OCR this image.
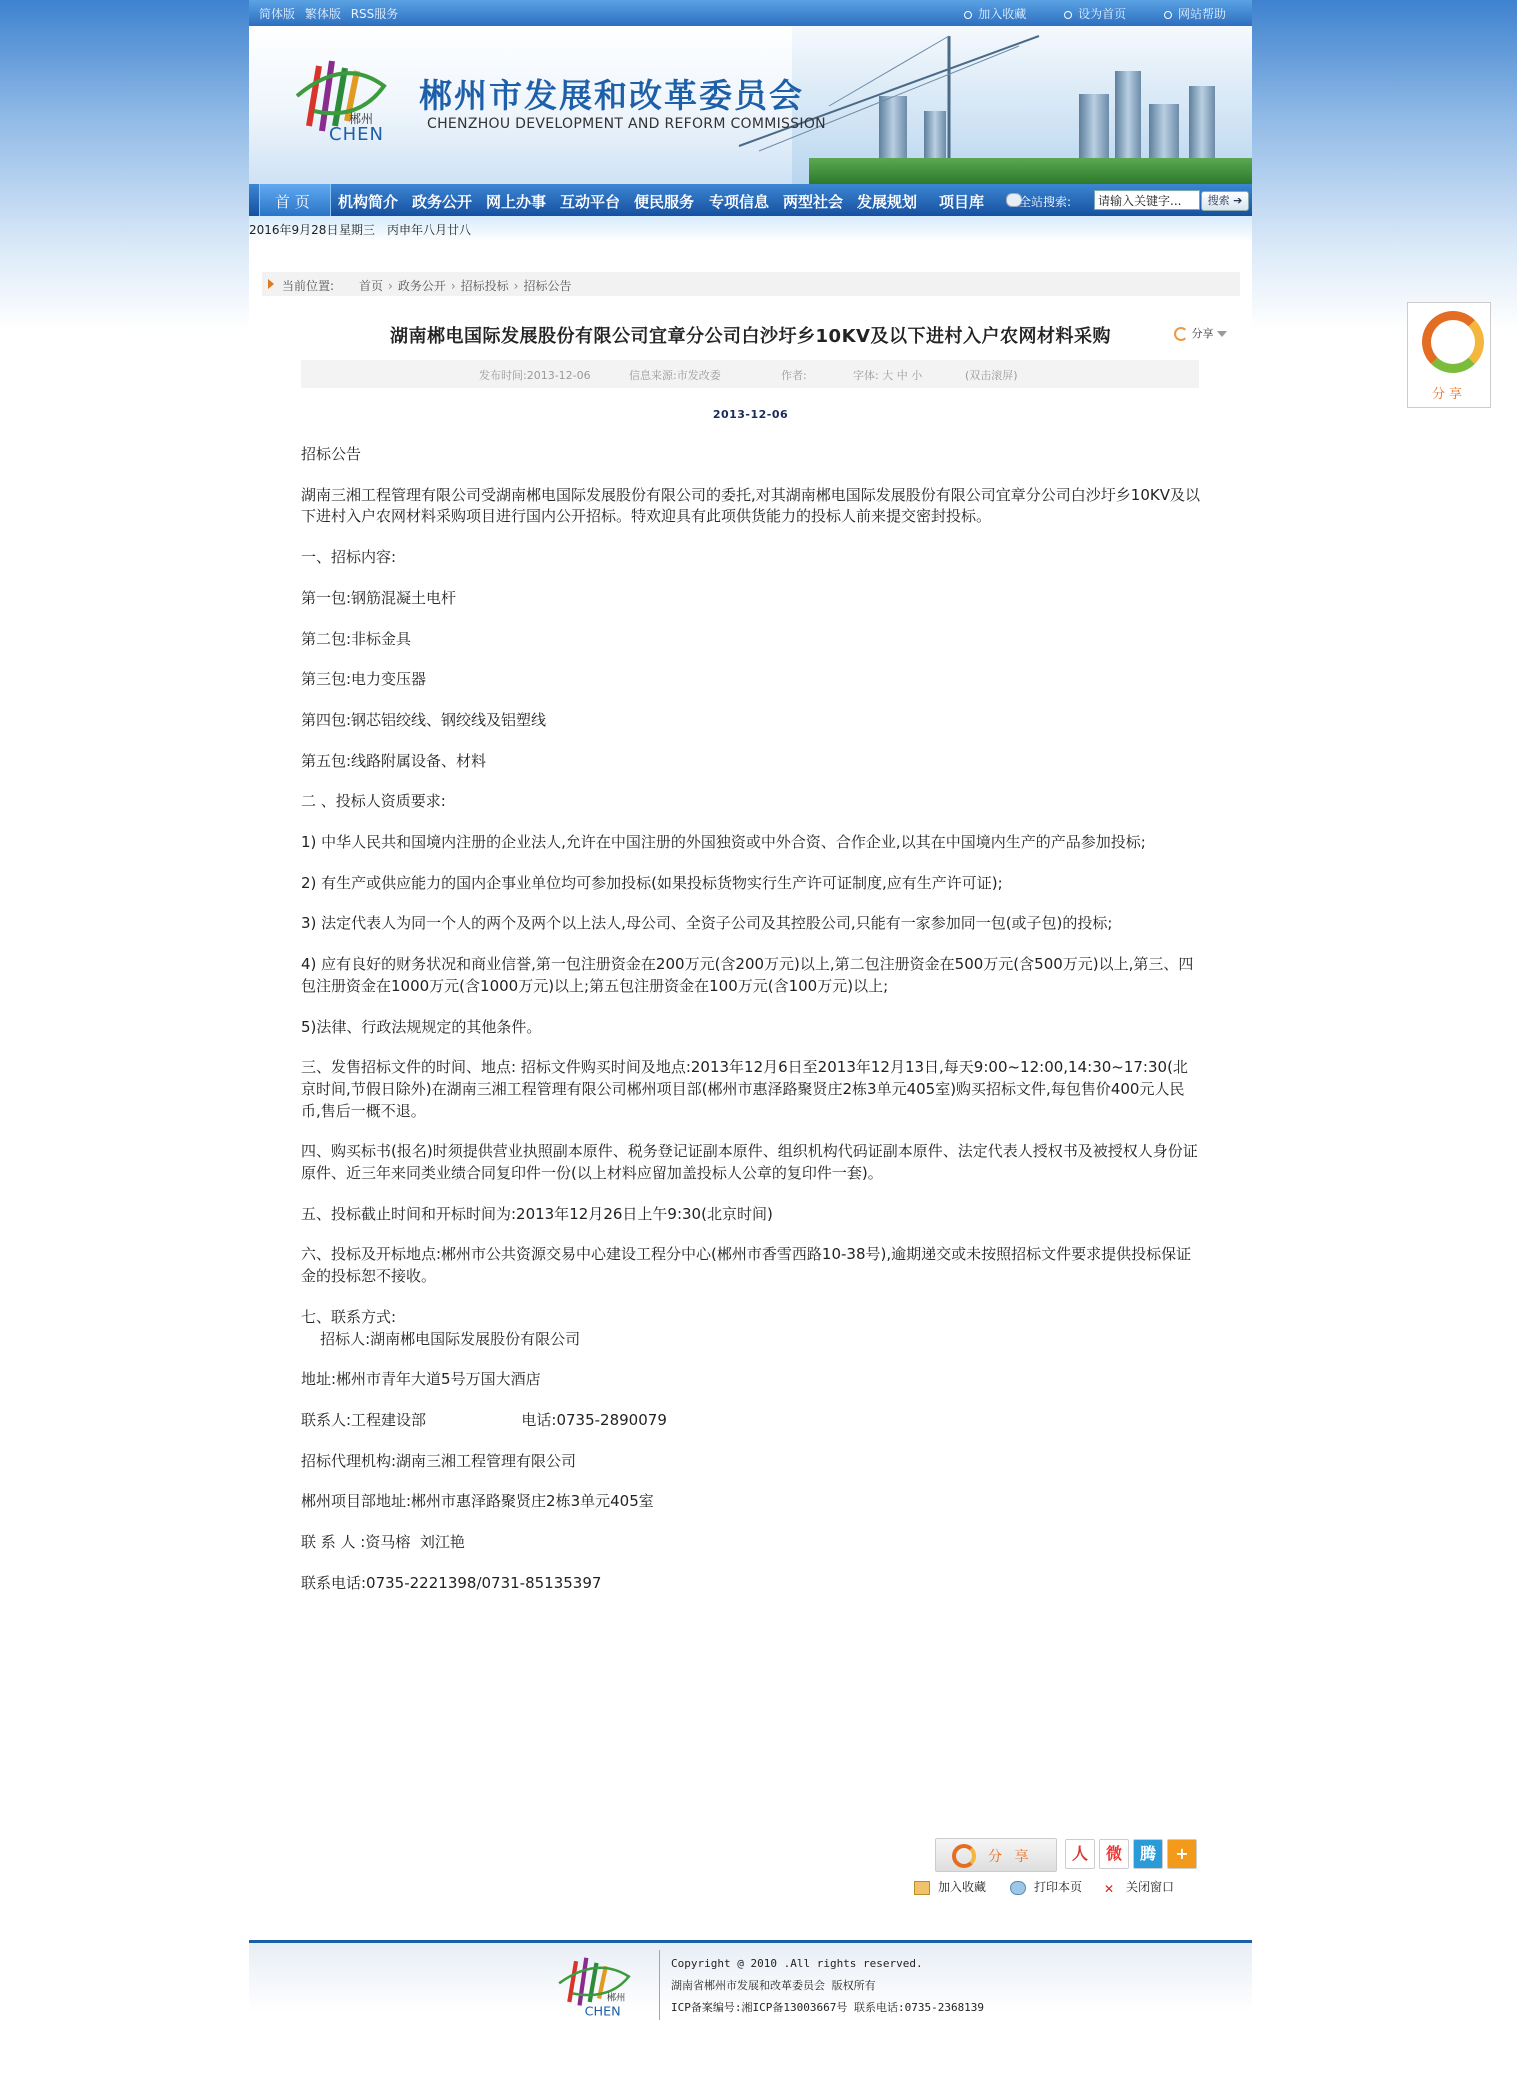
简体版 繁体版 RSS服务	加入收藏	设为首页	网站帮助
郴州
CHEN
郴州市发展和改革委员会
CHENZHOU DEVELOPMENT AND REFORM COMMISSION
首 页 机构简介 政务公开 网上办事 互动平台 便民服务 专项信息 两型社会 发展规划 项目库	全站搜索:
请输入关键字...	搜索 ➔
2016年9月28日 星期三 丙申年八月廿八
当前位置: 首页 › 政务公开 › 招标投标 › 招标公告
湖南郴电国际发展股份有限公司宜章分公司白沙圩乡10KV及以下进村入户农网材料采购	分享
发布时间:2013-12-06	信息来源:市发改委	作者:	字体: 大 中 小	(双击滚屏)
2013-12-06

招标公告

湖南三湘工程管理有限公司受湖南郴电国际发展股份有限公司的委托,对其湖南郴电国际发展股份有限公司宜章分公司白沙圩乡10KV及以下进村入户农网材料采购项目进行国内公开招标。特欢迎具有此项供货能力的投标人前来提交密封投标。

一、招标内容:

第一包:钢筋混凝土电杆

第二包:非标金具

第三包:电力变压器

第四包:钢芯铝绞线、钢绞线及铝塑线

第五包:线路附属设备、材料

二 、投标人资质要求:

1) 中华人民共和国境内注册的企业法人,允许在中国注册的外国独资或中外合资、合作企业,以其在中国境内生产的产品参加投标;

2) 有生产或供应能力的国内企事业单位均可参加投标(如果投标货物实行生产许可证制度,应有生产许可证);

3) 法定代表人为同一个人的两个及两个以上法人,母公司、全资子公司及其控股公司,只能有一家参加同一包(或子包)的投标;

4) 应有良好的财务状况和商业信誉,第一包注册资金在200万元(含200万元)以上,第二包注册资金在500万元(含500万元)以上,第三、四包注册资金在1000万元(含1000万元)以上;第五包注册资金在100万元(含100万元)以上;

5)法律、行政法规规定的其他条件。

三、发售招标文件的时间、地点: 招标文件购买时间及地点:2013年12月6日至2013年12月13日,每天9:00~12:00,14:30~17:30(北京时间,节假日除外)在湖南三湘工程管理有限公司郴州项目部(郴州市惠泽路聚贤庄2栋3单元405室)购买招标文件,每包售价400元人民币,售后一概不退。

四、购买标书(报名)时须提供营业执照副本原件、税务登记证副本原件、组织机构代码证副本原件、法定代表人授权书及被授权人身份证原件、近三年来同类业绩合同复印件一份(以上材料应留加盖投标人公章的复印件一套)。

五、投标截止时间和开标时间为:2013年12月26日上午9:30(北京时间)

六、投标及开标地点:郴州市公共资源交易中心建设工程分中心(郴州市香雪西路10-38号),逾期递交或未按照招标文件要求提供投标保证金的投标恕不接收。

七、联系方式:

招标人:湖南郴电国际发展股份有限公司

地址:郴州市青年大道5号万国大酒店

联系人:工程建设部                    电话:0735-2890079

招标代理机构:湖南三湘工程管理有限公司

郴州项目部地址:郴州市惠泽路聚贤庄2栋3单元405室

联 系 人 :资马榕  刘江艳

联系电话:0735-2221398/0731-85135397

分 享	人	微	腾	+
加入收藏	打印本页 ✕ 关闭窗口
郴州
CHEN
Copyright @ 2010 .All rights reserved.
湖南省郴州市发展和改革委员会 版权所有
ICP备案编号:湘ICP备13003667号 联系电话:0735-2368139
分享
